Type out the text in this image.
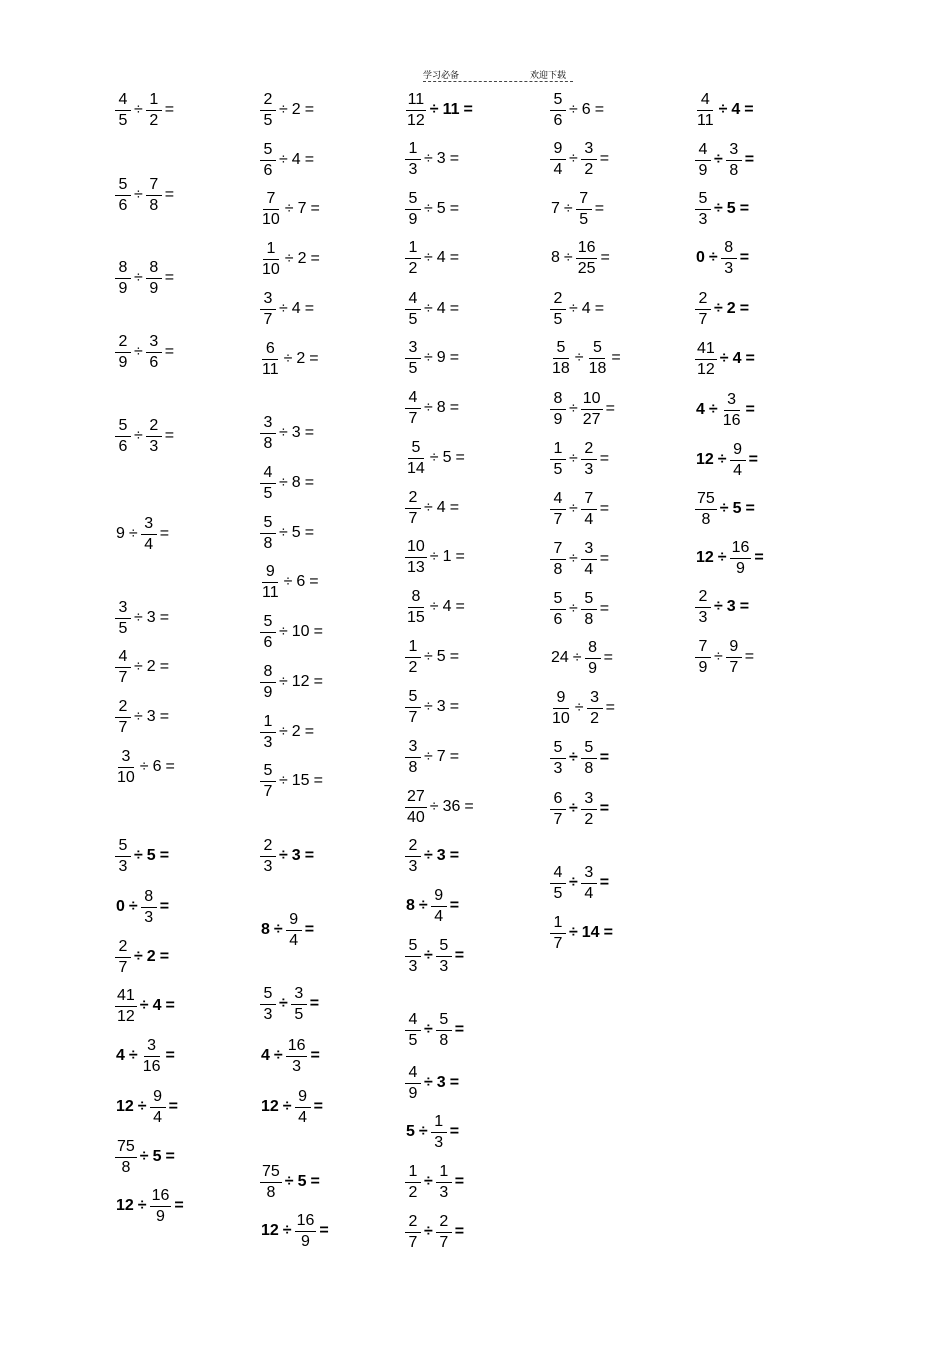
学习必备	欢迎下载
$\frac{4}{5} \div \frac{1}{2}$ =
$\frac{5}{6} \div \frac{7}{8}$ =
$\frac{8}{9} \div \frac{8}{9}$ =
$\frac{2}{9} \div \frac{3}{6}$ =
$\frac{5}{6} \div \frac{2}{3}$ =
$9 \div \frac{3}{4}$ =
$\frac{3}{5} \div 3$ =
$\frac{4}{7} \div 2$ =
$\frac{2}{7} \div 3$ =
$\frac{3}{10} \div 6$ =
$\frac{5}{3} \div 5$ =
$0 \div \frac{8}{3}$ =
$\frac{2}{7} \div 2$ =
$\frac{41}{12} \div 4$ =
$4 \div \frac{3}{16}$ =
$12 \div \frac{9}{4}$ =
$\frac{75}{8} \div 5$ =
$12 \div \frac{16}{9}$ =
$\frac{2}{5} \div 2$ =
$\frac{5}{6} \div 4$ =
$\frac{7}{10} \div 7$ =
$\frac{1}{10} \div 2$ =
$\frac{3}{7} \div 4$ =
$\frac{6}{11} \div 2$ =
$\frac{3}{8} \div 3$ =
$\frac{4}{5} \div 8$ =
$\frac{5}{8} \div 5$ =
$\frac{9}{11} \div 6$ =
$\frac{5}{6} \div 10$ =
$\frac{8}{9} \div 12$ =
$\frac{1}{3} \div 2$ =
$\frac{5}{7} \div 15$ =
$\frac{2}{3} \div 3$ =
$8 \div \frac{9}{4}$ =
$\frac{5}{3} \div \frac{3}{5}$ =
$4 \div \frac{16}{3}$ =
$12 \div \frac{9}{4}$ =
$\frac{75}{8} \div 5$ =
$12 \div \frac{16}{9}$ =
$\frac{11}{12} \div 11$ =
$\frac{1}{3} \div 3$ =
$\frac{5}{9} \div 5$ =
$\frac{1}{2} \div 4$ =
$\frac{4}{5} \div 4$ =
$\frac{3}{5} \div 9$ =
$\frac{4}{7} \div 8$ =
$\frac{5}{14} \div 5$ =
$\frac{2}{7} \div 4$ =
$\frac{10}{13} \div 1$ =
$\frac{8}{15} \div 4$ =
$\frac{1}{2} \div 5$ =
$\frac{5}{7} \div 3$ =
$\frac{3}{8} \div 7$ =
$\frac{27}{40} \div 36$ =
$\frac{2}{3} \div 3$ =
$8 \div \frac{9}{4}$ =
$\frac{5}{3} \div \frac{5}{3}$ =
$\frac{4}{5} \div \frac{5}{8}$ =
$\frac{4}{9} \div 3$ =
$5 \div \frac{1}{3}$ =
$\frac{1}{2} \div \frac{1}{3}$ =
$\frac{2}{7} \div \frac{2}{7}$ =
$\frac{5}{6} \div 6$ =
$\frac{9}{4} \div \frac{3}{2}$ =
$7 \div \frac{7}{5}$ =
$8 \div \frac{16}{25}$ =
$\frac{2}{5} \div 4$ =
$\frac{5}{18} \div \frac{5}{18}$ =
$\frac{8}{9} \div \frac{10}{27}$ =
$\frac{1}{5} \div \frac{2}{3}$ =
$\frac{4}{7} \div \frac{7}{4}$ =
$\frac{7}{8} \div \frac{3}{4}$ =
$\frac{5}{6} \div \frac{5}{8}$ =
$24 \div \frac{8}{9}$ =
$\frac{9}{10} \div \frac{3}{2}$ =
$\frac{5}{3} \div \frac{5}{8}$ =
$\frac{6}{7} \div \frac{3}{2}$ =
$\frac{4}{5} \div \frac{3}{4}$ =
$\frac{1}{7} \div 14$ =
$\frac{4}{11} \div 4$ =
$\frac{4}{9} \div \frac{3}{8}$ =
$\frac{5}{3} \div 5$ =
$0 \div \frac{8}{3}$ =
$\frac{2}{7} \div 2$ =
$\frac{41}{12} \div 4$ =
$4 \div \frac{3}{16}$ =
$12 \div \frac{9}{4}$ =
$\frac{75}{8} \div 5$ =
$12 \div \frac{16}{9}$ =
$\frac{2}{3} \div 3$ =
$\frac{7}{9} \div \frac{9}{7}$ =
